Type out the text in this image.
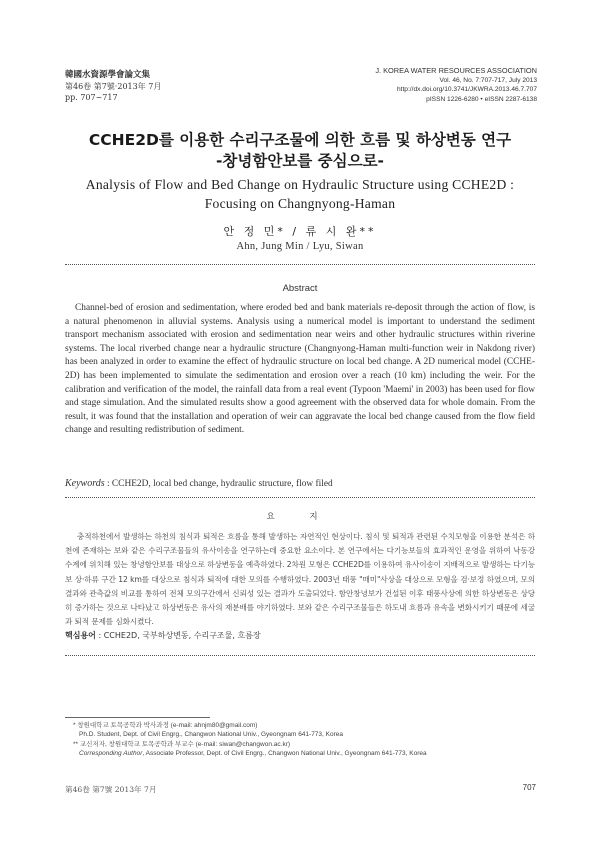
韓國水資源學會論文集
第46卷 第7號·2013年 7月
pp. 707~717
J. KOREA WATER RESOURCES ASSOCIATION
Vol. 46, No. 7:707-717, July 2013
http://dx.doi.org/10.3741/JKWRA.2013.46.7.707
pISSN 1226-6280 • eISSN 2287-6138
CCHE2D를 이용한 수리구조물에 의한 흐름 및 하상변동 연구
-창녕함안보를 중심으로-
Analysis of Flow and Bed Change on Hydraulic Structure using CCHE2D :
Focusing on Changnyong-Haman
안 정 민* / 류 시 완**
Ahn, Jung Min / Lyu, Siwan
Abstract
Channel-bed of erosion and sedimentation, where eroded bed and bank materials re-deposit through the action of flow, is a natural phenomenon in alluvial systems. Analysis using a numerical model is important to understand the sediment transport mechanism associated with erosion and sedimentation near weirs and other hydraulic structures within riverine systems. The local riverbed change near a hydraulic structure (Changnyong-Haman multi-function weir in Nakdong river) has been analyzed in order to examine the effect of hydraulic structure on local bed change. A 2D numerical model (CCHE-2D) has been implemented to simulate the sedimentation and erosion over a reach (10 km) including the weir. For the calibration and verification of the model, the rainfall data from a real event (Typoon 'Maemi' in 2003) has been used for flow and stage simulation. And the simulated results show a good agreement with the observed data for whole domain. From the result, it was found that the installation and operation of weir can aggravate the local bed change caused from the flow field change and resulting redistribution of sediment.
Keywords : CCHE2D, local bed change, hydraulic structure, flow filed
요 지
충적하천에서 발생하는 하천의 침식과 퇴적은 흐름을 통해 발생하는 자연적인 현상이다. 침식 및 퇴적과 관련된 수치모형을 이용한 분석은 하천에 존재하는 보와 같은 수리구조물들의 유사이송을 연구하는데 중요한 요소이다. 본 연구에서는 다기능보들의 효과적인 운영을 위하여 낙동강수계에 위치해 있는 창녕함안보를 대상으로 하상변동을 예측하였다. 2차원 모형은 CCHE2D를 이용하여 유사이송이 지배적으로 발생하는 다기능보 상·하류 구간 12 km를 대상으로 침식과 퇴적에 대한 모의를 수행하였다. 2003년 태풍 "매미"사상을 대상으로 모형을 검·보정 하였으며, 모의결과와 관측값의 비교를 통하여 전체 모의구간에서 신뢰성 있는 결과가 도출되었다. 함안창녕보가 건설된 이후 태풍사상에 의한 하상변동은 상당히 증가하는 것으로 나타났고 하상변동은 유사의 재분배를 야기하였다. 보와 같은 수리구조물들은 하도내 흐름과 유속을 변화시키기 때문에 세굴과 퇴적 문제를 심화시켰다.
핵심용어 : CCHE2D, 국부하상변동, 수리구조물, 흐름장
* 창원대학교 토목공학과 박사과정 (e-mail: ahnjm80@gmail.com)
Ph.D. Student, Dept. of Civil Engrg., Changwon National Univ., Gyeongnam 641-773, Korea
** 교신저자, 창원대학교 토목공학과 부교수 (e-mail: siwan@changwon.ac.kr)
Corresponding Author, Associate Professor, Dept. of Civil Engrg., Changwon National Univ., Gyeongnam 641-773, Korea
第46卷 第7號 2013年 7月	707
